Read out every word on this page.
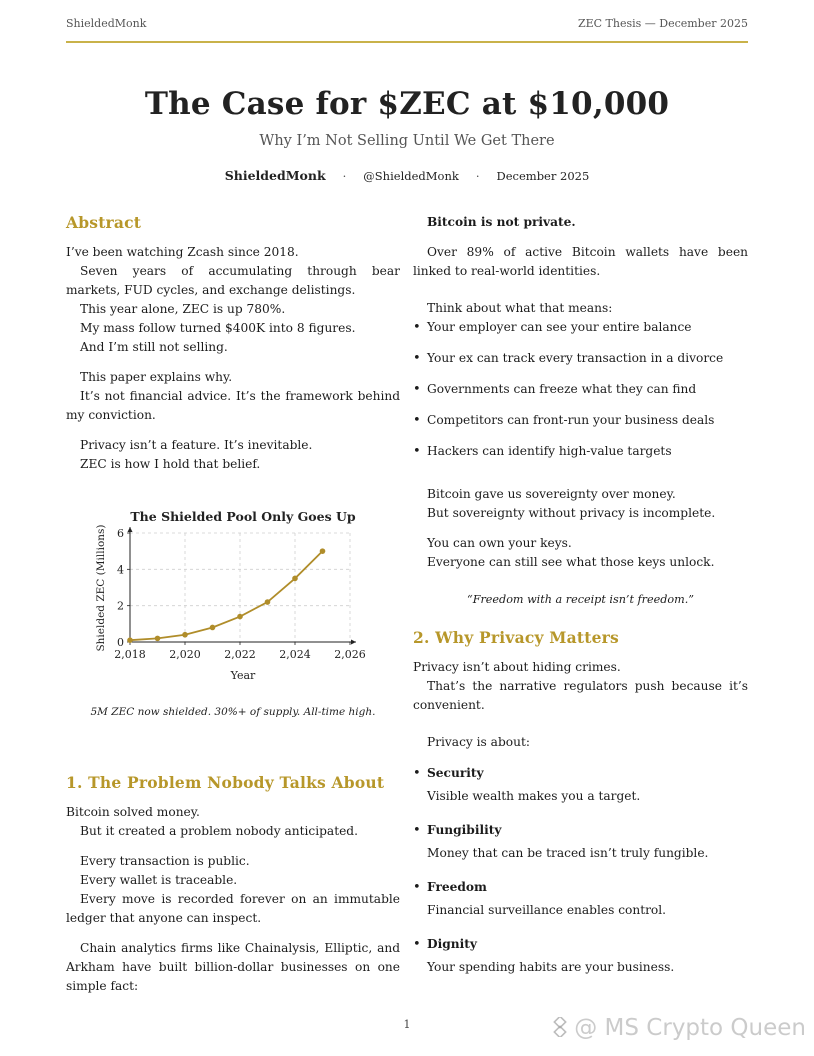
ShieldedMonk	ZEC Thesis — December 2025
The Case for $ZEC at $10,000
Why I’m Not Selling Until We Get There
ShieldedMonk · @ShieldedMonk · December 2025
Abstract

I’ve been watching Zcash since 2018.

Seven years of accumulating through bear markets, FUD cycles, and exchange delistings.

This year alone, ZEC is up 780%.

My mass follow turned $400K into 8 figures.

And I’m still not selling.

This paper explains why.

It’s not financial advice. It’s the framework behind my conviction.

Privacy isn’t a feature. It’s inevitable.

ZEC is how I hold that belief.

The Shielded Pool Only Goes Up
2,018 2,020 2,022 2,024 2,026
0
2
4
6
Year
Shielded ZEC (Millions)
5M ZEC now shielded. 30%+ of supply. All-time high.
1. The Problem Nobody Talks About

Bitcoin solved money.

But it created a problem nobody anticipated.

Every transaction is public.

Every wallet is traceable.

Every move is recorded forever on an immutable ledger that anyone can inspect.

Chain analytics firms like Chainalysis, Elliptic, and Arkham have built billion-dollar businesses on one simple fact:

Bitcoin is not private.

Over 89% of active Bitcoin wallets have been linked to real-world identities.

Think about what that means:

• Your employer can see your entire balance
• Your ex can track every transaction in a divorce
• Governments can freeze what they can find
• Competitors can front-run your business deals
• Hackers can identify high-value targets

Bitcoin gave us sovereignty over money.

But sovereignty without privacy is incomplete.

You can own your keys.

Everyone can still see what those keys unlock.

“Freedom with a receipt isn’t freedom.”

2. Why Privacy Matters

Privacy isn’t about hiding crimes.

That’s the narrative regulators push because it’s convenient.

Privacy is about:

• Security

Visible wealth makes you a target.

• Fungibility

Money that can be traced isn’t truly fungible.

• Freedom

Financial surveillance enables control.

• Dignity

Your spending habits are your business.

1	@ MS Crypto Queen
